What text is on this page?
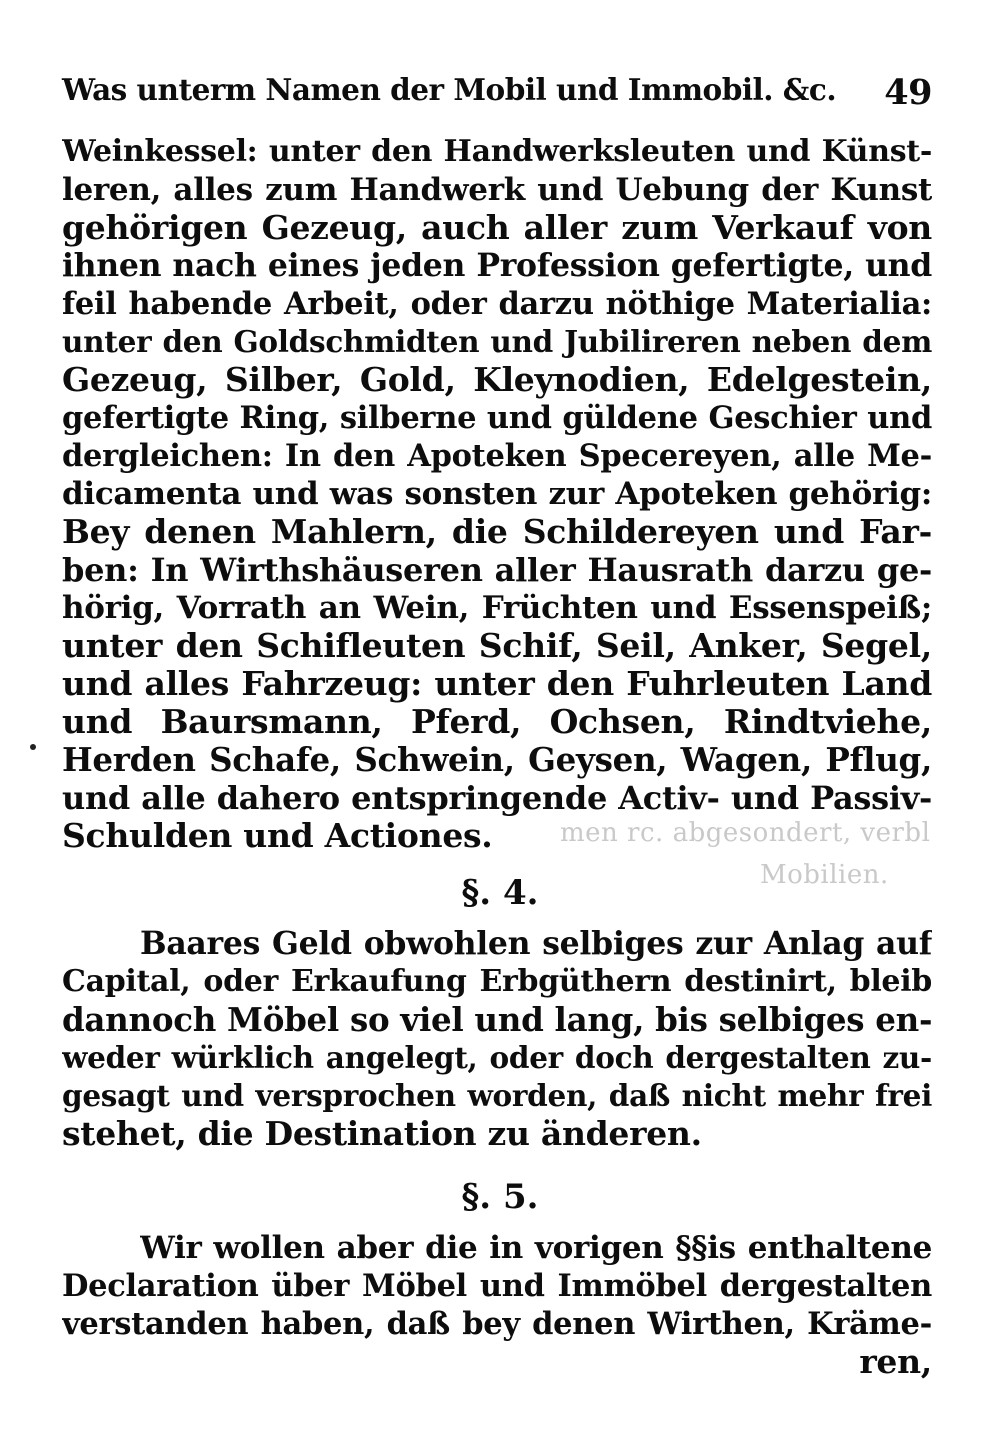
men rc. abgesondert, verbl
Mobilien.
Was unterm Namen der Mobil und Immobil. &c. 49
Weinkessel: unter den Handwerksleuten und Künst-
leren, alles zum Handwerk und Uebung der Kunst
gehörigen Gezeug, auch aller zum Verkauf von
ihnen nach eines jeden Profession gefertigte, und
feil habende Arbeit, oder darzu nöthige Materialia:
unter den Goldschmidten und Jubilireren neben dem
Gezeug, Silber, Gold, Kleynodien, Edelgestein,
gefertigte Ring, silberne und güldene Geschier und
dergleichen: In den Apoteken Specereyen, alle Me-
dicamenta und was sonsten zur Apoteken gehörig:
Bey denen Mahlern, die Schildereyen und Far-
ben: In Wirthshäuseren aller Hausrath darzu ge-
hörig, Vorrath an Wein, Früchten und Essenspeiß;
unter den Schifleuten Schif, Seil, Anker, Segel,
und alles Fahrzeug: unter den Fuhrleuten Land
und Baursmann, Pferd, Ochsen, Rindtviehe,
Herden Schafe, Schwein, Geysen, Wagen, Pflug,
und alle dahero entspringende Activ- und Passiv-
Schulden und Actiones.
§. 4.
Baares Geld obwohlen selbiges zur Anlag auf
Capital, oder Erkaufung Erbgüthern destinirt, bleib
dannoch Möbel so viel und lang, bis selbiges en-
weder würklich angelegt, oder doch dergestalten zu-
gesagt und versprochen worden, daß nicht mehr frei
stehet, die Destination zu änderen.
§. 5.
Wir wollen aber die in vorigen §§is enthaltene
Declaration über Möbel und Immöbel dergestalten
verstanden haben, daß bey denen Wirthen, Kräme-
ren,
